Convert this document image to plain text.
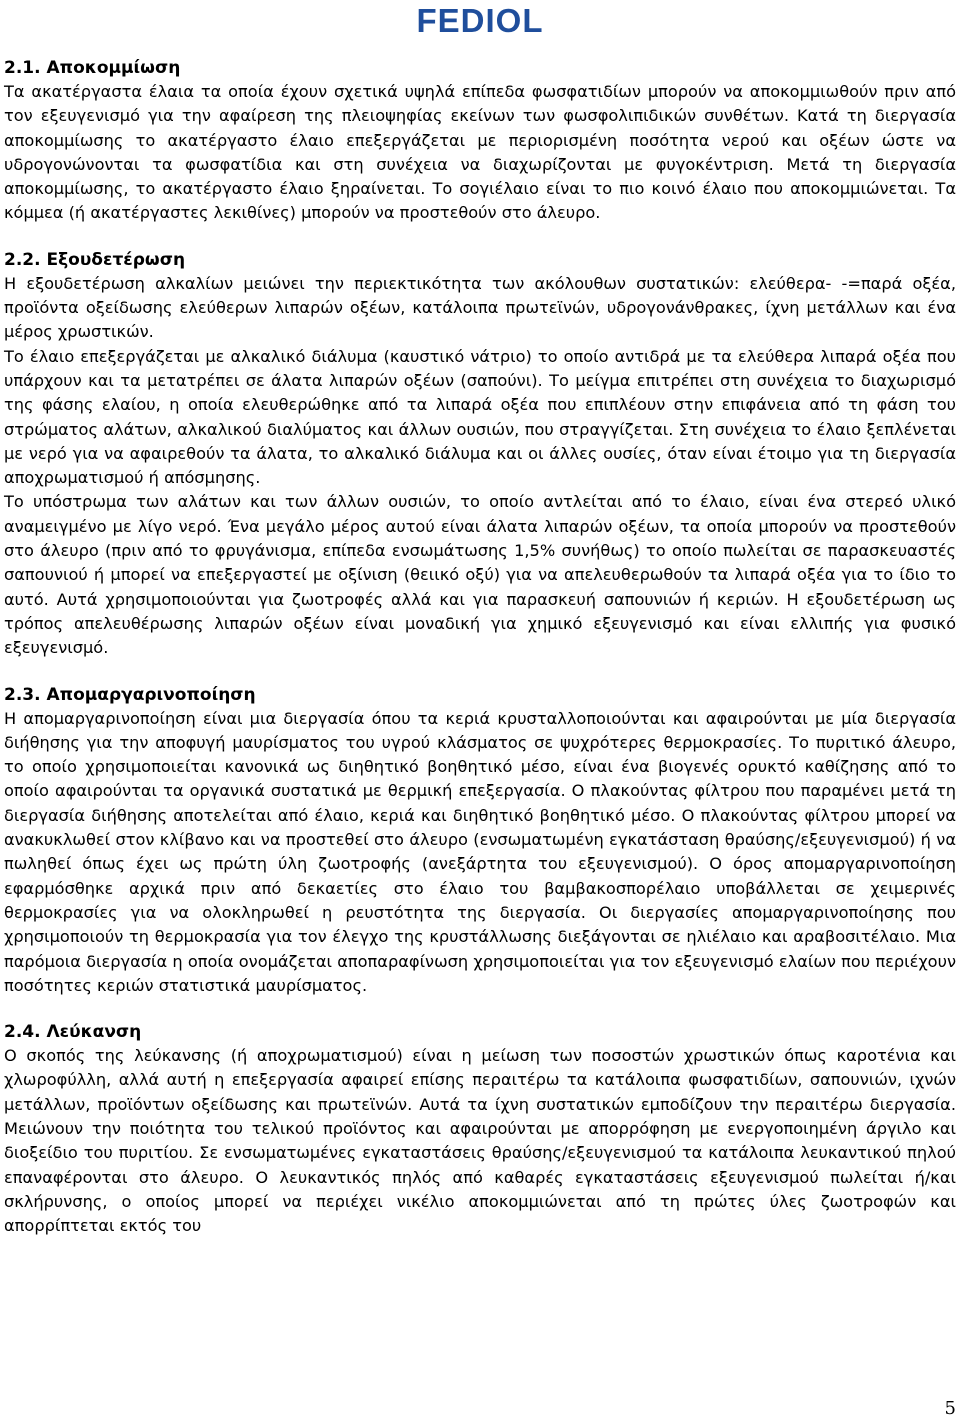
FEDIOL
2.1. Αποκομμίωση

Τα ακατέργαστα έλαια τα οποία έχουν σχετικά υψηλά επίπεδα φωσφατιδίων μπορούν να αποκομμιωθούν πριν από τον εξευγενισμό για την αφαίρεση της πλειοψηφίας εκείνων των φωσφολιπιδικών συνθέτων. Κατά τη διεργασία αποκομμίωσης το ακατέργαστο έλαιο επεξεργάζεται με περιορισμένη ποσότητα νερού και οξέων ώστε να υδρογονώνονται τα φωσφατίδια και στη συνέχεια να διαχωρίζονται με φυγοκέντριση. Μετά τη διεργασία αποκομμίωσης, το ακατέργαστο έλαιο ξηραίνεται. Το σογιέλαιο είναι το πιο κοινό έλαιο που αποκομμιώνεται. Τα κόμμεα (ή ακατέργαστες λεκιθίνες) μπορούν να προστεθούν στο άλευρο.

2.2. Εξουδετέρωση

Η εξουδετέρωση αλκαλίων μειώνει την περιεκτικότητα των ακόλουθων συστατικών: ελεύθερα- -=παρά οξέα, προϊόντα οξείδωσης ελεύθερων λιπαρών οξέων, κατάλοιπα πρωτεϊνών, υδρογονάνθρακες, ίχνη μετάλλων και ένα μέρος χρωστικών.

Το έλαιο επεξεργάζεται με αλκαλικό διάλυμα (καυστικό νάτριο) το οποίο αντιδρά με τα ελεύθερα λιπαρά οξέα που υπάρχουν και τα μετατρέπει σε άλατα λιπαρών οξέων (σαπούνι). Το μείγμα επιτρέπει στη συνέχεια το διαχωρισμό της φάσης ελαίου, η οποία ελευθερώθηκε από τα λιπαρά οξέα που επιπλέουν στην επιφάνεια από τη φάση του στρώματος αλάτων, αλκαλικού διαλύματος και άλλων ουσιών, που στραγγίζεται. Στη συνέχεια το έλαιο ξεπλένεται με νερό για να αφαιρεθούν τα άλατα, το αλκαλικό διάλυμα και οι άλλες ουσίες, όταν είναι έτοιμο για τη διεργασία αποχρωματισμού ή απόσμησης.

Το υπόστρωμα των αλάτων και των άλλων ουσιών, το οποίο αντλείται από το έλαιο, είναι ένα στερεό υλικό αναμειγμένο με λίγο νερό. Ένα μεγάλο μέρος αυτού είναι άλατα λιπαρών οξέων, τα οποία μπορούν να προστεθούν στο άλευρο (πριν από το φρυγάνισμα, επίπεδα ενσωμάτωσης 1,5% συνήθως) το οποίο πωλείται σε παρασκευαστές σαπουνιού ή μπορεί να επεξεργαστεί με οξίνιση (θειικό οξύ) για να απελευθερωθούν τα λιπαρά οξέα για το ίδιο το αυτό. Αυτά χρησιμοποιούνται για ζωοτροφές αλλά και για παρασκευή σαπουνιών ή κεριών. Η εξουδετέρωση ως τρόπος απελευθέρωσης λιπαρών οξέων είναι μοναδική για χημικό εξευγενισμό και είναι ελλιπής για φυσικό εξευγενισμό.

2.3. Απομαργαρινοποίηση

Η απομαργαρινοποίηση είναι μια διεργασία όπου τα κεριά κρυσταλλοποιούνται και αφαιρούνται με μία διεργασία διήθησης για την αποφυγή μαυρίσματος του υγρού κλάσματος σε ψυχρότερες θερμοκρασίες. Το πυριτικό άλευρο, το οποίο χρησιμοποιείται κανονικά ως διηθητικό βοηθητικό μέσο, είναι ένα βιογενές ορυκτό καθίζησης από το οποίο αφαιρούνται τα οργανικά συστατικά με θερμική επεξεργασία. Ο πλακούντας φίλτρου που παραμένει μετά τη διεργασία διήθησης αποτελείται από έλαιο, κεριά και διηθητικό βοηθητικό μέσο. Ο πλακούντας φίλτρου μπορεί να ανακυκλωθεί στον κλίβανο και να προστεθεί στο άλευρο (ενσωματωμένη εγκατάσταση θραύσης/εξευγενισμού) ή να πωληθεί όπως έχει ως πρώτη ύλη ζωοτροφής (ανεξάρτητα του εξευγενισμού). Ο όρος απομαργαρινοποίηση εφαρμόσθηκε αρχικά πριν από δεκαετίες στο έλαιο του βαμβακοσπορέλαιο υποβάλλεται σε χειμερινές θερμοκρασίες για να ολοκληρωθεί η ρευστότητα της διεργασία. Οι διεργασίες απομαργαρινοποίησης που χρησιμοποιούν τη θερμοκρασία για τον έλεγχο της κρυστάλλωσης διεξάγονται σε ηλιέλαιο και αραβοσιτέλαιο. Μια παρόμοια διεργασία η οποία ονομάζεται αποπαραφίνωση χρησιμοποιείται για τον εξευγενισμό ελαίων που περιέχουν ποσότητες κεριών στατιστικά μαυρίσματος.

2.4. Λεύκανση

Ο σκοπός της λεύκανσης (ή αποχρωματισμού) είναι η μείωση των ποσοστών χρωστικών όπως καροτένια και χλωροφύλλη, αλλά αυτή η επεξεργασία αφαιρεί επίσης περαιτέρω τα κατάλοιπα φωσφατιδίων, σαπουνιών, ιχνών μετάλλων, προϊόντων οξείδωσης και πρωτεϊνών. Αυτά τα ίχνη συστατικών εμποδίζουν την περαιτέρω διεργασία. Μειώνουν την ποιότητα του τελικού προϊόντος και αφαιρούνται με απορρόφηση με ενεργοποιημένη άργιλο και διοξείδιο του πυριτίου. Σε ενσωματωμένες εγκαταστάσεις θραύσης/εξευγενισμού τα κατάλοιπα λευκαντικού πηλού επαναφέρονται στο άλευρο. Ο λευκαντικός πηλός από καθαρές εγκαταστάσεις εξευγενισμού πωλείται ή/και σκλήρυνσης, ο οποίος μπορεί να περιέχει νικέλιο αποκομμιώνεται από τη πρώτες ύλες ζωοτροφών και απορρίπτεται εκτός του

5
